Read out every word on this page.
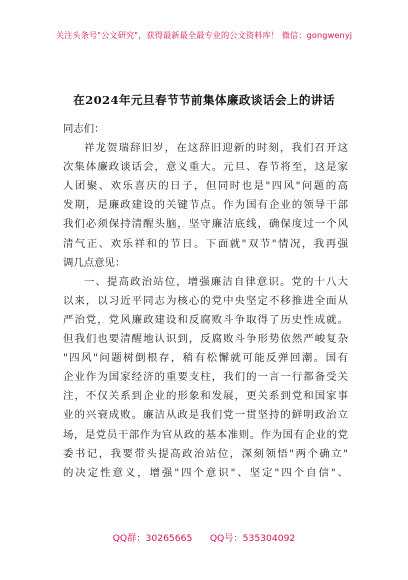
关注头条号"公文研究"，获得最新最全最专业的公文资料库！ 微信：gongwenyj
在2024年元旦春节节前集体廉政谈话会上的讲话
同志们：
祥龙贺瑞辞旧岁，在这辞旧迎新的时刻，我们召开这
次集体廉政谈话会，意义重大。元旦、春节将至，这是家
人团聚、欢乐喜庆的日子，但同时也是"四风"问题的高
发期，是廉政建设的关键节点。作为国有企业的领导干部
我们必须保持清醒头脑，坚守廉洁底线，确保度过一个风
清气正、欢乐祥和的节日。下面就"双节"情况，我再强
调几点意见：
一、提高政治站位，增强廉洁自律意识。党的十八大
以来，以习近平同志为核心的党中央坚定不移推进全面从
严治党，党风廉政建设和反腐败斗争取得了历史性成就。
但我们也要清醒地认识到，反腐败斗争形势依然严峻复杂
"四风"问题树倒根存，稍有松懈就可能反弹回潮。国有
企业作为国家经济的重要支柱，我们的一言一行都备受关
注，不仅关系到企业的形象和发展，更关系到党和国家事
业的兴衰成败。廉洁从政是我们党一贯坚持的鲜明政治立
场，是党员干部作为官从政的基本准则。作为国有企业的党
委书记，我要带头提高政治站位，深刻领悟"两个确立"
的决定性意义，增强"四个意识"、坚定"四个自信"、
QQ群：30265665      QQ号：535304092
